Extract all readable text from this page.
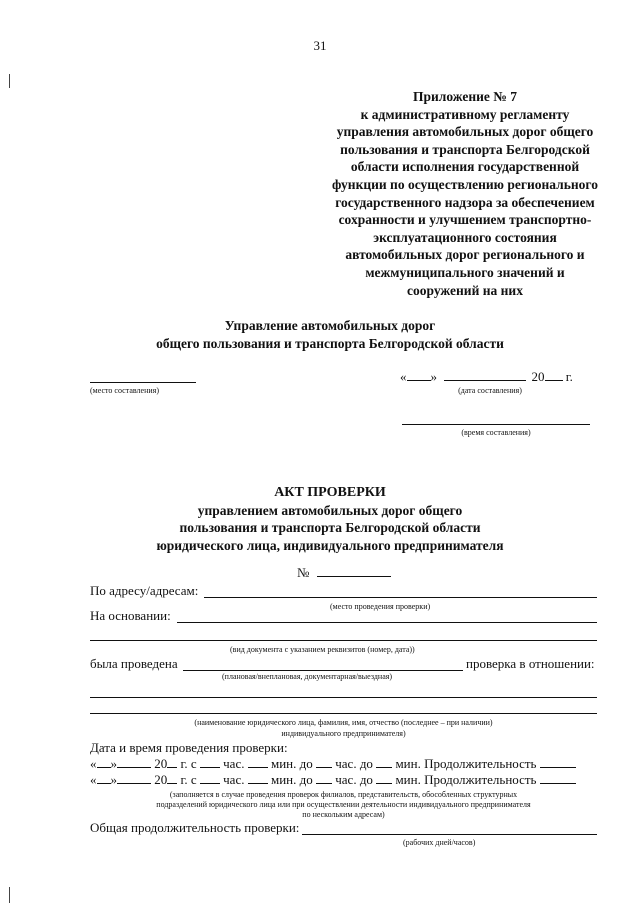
31
Приложение № 7
к административному регламенту
управления автомобильных дорог общего
пользования и транспорта Белгородской
области исполнения государственной
функции по осуществлению регионального
государственного надзора за обеспечением
сохранности и улучшением транспортно-
эксплуатационного состояния
автомобильных дорог регионального и
межмуниципального значений и
сооружений на них
Управление автомобильных дорог
общего пользования и транспорта Белгородской области
(место составления)
« »	20 г.
(дата составления)
(время составления)
АКТ ПРОВЕРКИ
управлением автомобильных дорог общего
пользования и транспорта Белгородской области
юридического лица, индивидуального предпринимателя
№
По адресу/адресам:
(место проведения проверки)
На основании:
(вид документа с указанием реквизитов (номер, дата))
была проведена	проверка в отношении:
(плановая/внеплановая, документарная/выездная)
(наименование юридического лица, фамилия, имя, отчество (последнее – при наличии)
индивидуального предпринимателя)
Дата и время проведения проверки:
« »	20 г. с час. мин. до час. до мин. Продолжительность
« »	20 г. с час. мин. до час. до мин. Продолжительность
(заполняется в случае проведения проверок филиалов, представительств, обособленных структурных
подразделений юридического лица или при осуществлении деятельности индивидуального предпринимателя
по нескольким адресам)
Общая продолжительность проверки:
(рабочих дней/часов)
